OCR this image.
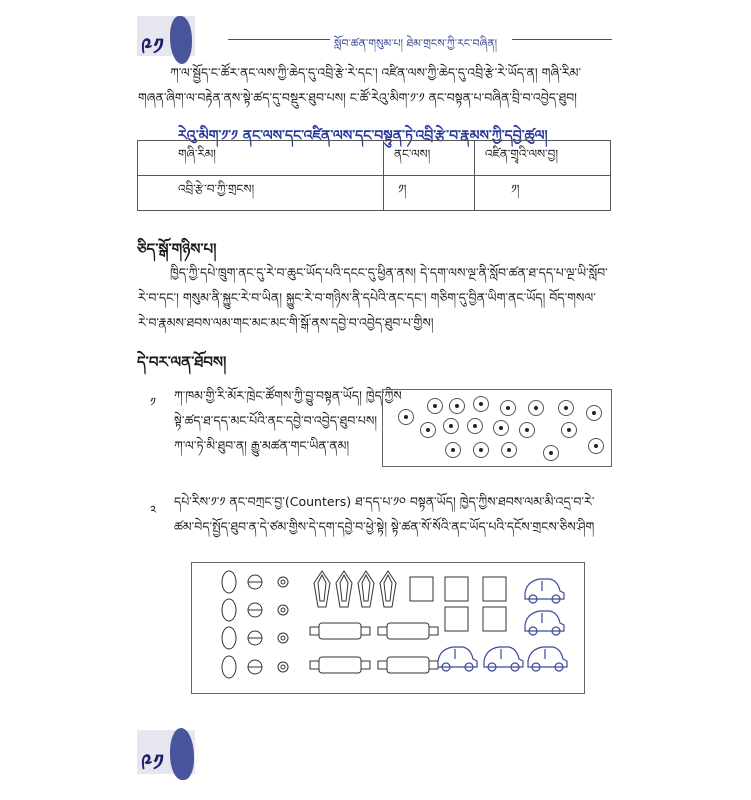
༩༡	སློབ་ཚན་གསུམ་པ། ཐེམ་གྲངས་ཀྱི་རང་བཞིན།
ཀ་ལ་སྦྱོད་ང་ཚོར་ནང་ལས་ཀྱི་ཆེད་དུ་འབྲི་རྩེ་རེ་དང་། འཛིན་ལས་ཀྱི་ཆེད་དུ་འབྲི་རྩེ་རེ་ཡོད་ན། གཞི་རིམ་
གཞན་ཞིག་ལ་བརྟེན་ནས་སྟེ་ཚད་དུ་བསྡུར་ཐུབ་པས། ང་ཚོ་རེའུ་མིག་༡་༡ ནང་བསྟན་པ་བཞིན་བྲི་བ་འབྱེད་ཐུབ།
རེའུ་མིག་༡་༡ ནང་ལས་དང་འཛིན་ལས་དང་བསྟུན་ཏེ་འབྲི་རྩེ་བ་རྣམས་ཀྱི་དབྱེ་ཚུལ།
གཞི་རིམ།	ནང་ལས།	འཛིན་གྲྭའི་ལས་བྱ།
འབྲི་རྩེ་བ་ཀྱི་གྲངས།	༡།	༡།
ཅིད་སྒོ་གཉིས་པ།
ཁྱིད་ཀྱི་དཔེ་ཁྲུག་ནང་དུ་རེ་བ་ཆུང་ཡོད་པའི་དངང་དུ་ཕྱིན་ནས། དེ་དག་ལས་ལྔ་ནི་སློབ་ཚན་ཐ་དད་པ་ལྔ་ཡི་སློབ་
རེ་བ་དང་། གསུམ་ནི་སྐྱུང་རེ་བ་ཡིན། སྐྱུང་རེ་བ་གཉིས་ནི་དཔེའི་ནང་དང་། གཅིག་དུ་བྱིན་ཡིག་ནང་ཡོད། བོད་གསལ་
རེ་བ་རྣམས་ཐབས་ལམ་གང་མང་མང་གི་སྒོ་ནས་དབྱེ་བ་འབྱེད་ཐུབ་པ་གྱིས།
དེ་བར་ལན་ཐོབས།
༡ ཀ་ཁམ་གྱི་རི་མོར་ཁྲེང་ཚོགས་ཀྱི་བྱུ་བསྟན་ཡོད། ཁྱེད་ཀྱིས
སྟེ་ཚད་ཐ་དད་མང་པོའི་ནང་དབྱེ་བ་འབྱེད་ཐུབ་པས།
ཀ་ལ་ཏེ་མི་ཐུབ་ན། རྒྱུ་མཚན་གང་ཡིན་ནམ།
༢
དཔེ་རིས་༡་༡ ནང་བཀྲང་བྱ་(Counters) ཐ་དད་པ་༡༠ བསྟན་ཡོད། ཁྱེད་ཀྱིས་ཐབས་ལམ་མི་འདྲ་བ་རེ་
ཚམ་བེད་སྤྱོད་ཐུབ་ན་དེ་ཙམ་གྱིས་དེ་དག་དབྱེ་བ་ཕྱེ་སྟེ། སྟེ་ཚན་སོ་སོའི་ནང་ཡོད་པའི་དངོས་གྲངས་ཅིས་ཤིག
༩༡
